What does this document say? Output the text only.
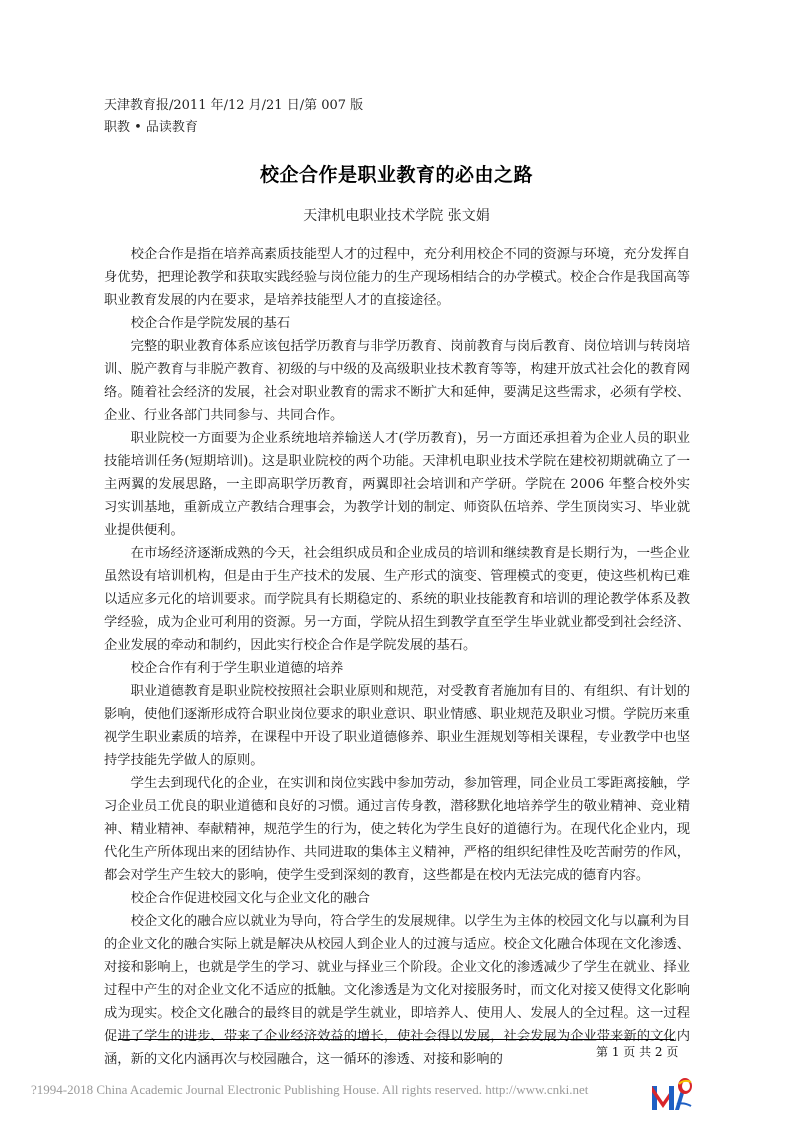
天津教育报/2011 年/12 月/21 日/第 007 版
职教 • 品读教育
校企合作是职业教育的必由之路
天津机电职业技术学院 张文娟

校企合作是指在培养高素质技能型人才的过程中，充分利用校企不同的资源与环境，充分发挥自身优势，把理论教学和获取实践经验与岗位能力的生产现场相结合的办学模式。校企合作是我国高等职业教育发展的内在要求，是培养技能型人才的直接途径。

校企合作是学院发展的基石

完整的职业教育体系应该包括学历教育与非学历教育、岗前教育与岗后教育、岗位培训与转岗培训、脱产教育与非脱产教育、初级的与中级的及高级职业技术教育等等，构建开放式社会化的教育网络。随着社会经济的发展，社会对职业教育的需求不断扩大和延伸，要满足这些需求，必须有学校、企业、行业各部门共同参与、共同合作。

职业院校一方面要为企业系统地培养输送人才(学历教育)，另一方面还承担着为企业人员的职业技能培训任务(短期培训)。这是职业院校的两个功能。天津机电职业技术学院在建校初期就确立了一主两翼的发展思路，一主即高职学历教育，两翼即社会培训和产学研。学院在 2006 年整合校外实习实训基地，重新成立产教结合理事会，为教学计划的制定、师资队伍培养、学生顶岗实习、毕业就业提供便利。

在市场经济逐渐成熟的今天，社会组织成员和企业成员的培训和继续教育是长期行为，一些企业虽然设有培训机构，但是由于生产技术的发展、生产形式的演变、管理模式的变更，使这些机构已难以适应多元化的培训要求。而学院具有长期稳定的、系统的职业技能教育和培训的理论教学体系及教学经验，成为企业可利用的资源。另一方面，学院从招生到教学直至学生毕业就业都受到社会经济、企业发展的牵动和制约，因此实行校企合作是学院发展的基石。

校企合作有利于学生职业道德的培养

职业道德教育是职业院校按照社会职业原则和规范，对受教育者施加有目的、有组织、有计划的影响，使他们逐渐形成符合职业岗位要求的职业意识、职业情感、职业规范及职业习惯。学院历来重视学生职业素质的培养，在课程中开设了职业道德修养、职业生涯规划等相关课程，专业教学中也坚持学技能先学做人的原则。

学生去到现代化的企业，在实训和岗位实践中参加劳动，参加管理，同企业员工零距离接触，学习企业员工优良的职业道德和良好的习惯。通过言传身教，潜移默化地培养学生的敬业精神、竞业精神、精业精神、奉献精神，规范学生的行为，使之转化为学生良好的道德行为。在现代化企业内，现代化生产所体现出来的团结协作、共同进取的集体主义精神，严格的组织纪律性及吃苦耐劳的作风，都会对学生产生较大的影响，使学生受到深刻的教育，这些都是在校内无法完成的德育内容。

校企合作促进校园文化与企业文化的融合

校企文化的融合应以就业为导向，符合学生的发展规律。以学生为主体的校园文化与以赢利为目的企业文化的融合实际上就是解决从校园人到企业人的过渡与适应。校企文化融合体现在文化渗透、对接和影响上，也就是学生的学习、就业与择业三个阶段。企业文化的渗透减少了学生在就业、择业过程中产生的对企业文化不适应的抵触。文化渗透是为文化对接服务时，而文化对接又使得文化影响成为现实。校企文化融合的最终目的就是学生就业，即培养人、使用人、发展人的全过程。这一过程促进了学生的进步、带来了企业经济效益的增长，使社会得以发展，社会发展为企业带来新的文化内涵，新的文化内涵再次与校园融合，这一循环的渗透、对接和影响的	第 1 页 共 2 页
?1994-2018 China Academic Journal Electronic Publishing House. All rights reserved. http://www.cnki.net
